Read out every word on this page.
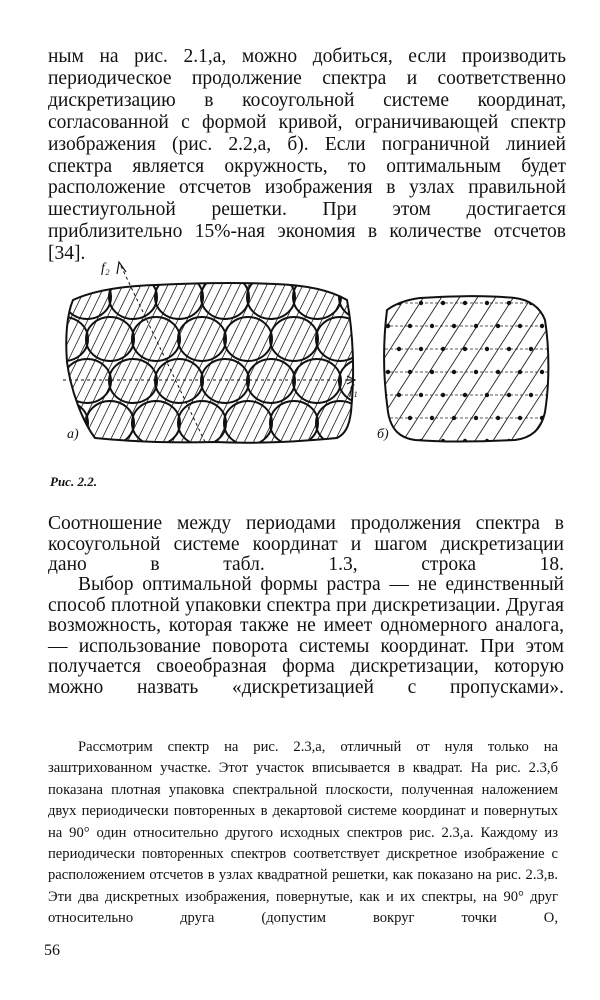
ным на рис. 2.1,а, можно добиться, если производить периодическое продолжение спектра и соответственно дискретизацию в косоугольной системе координат, согласованной с формой кривой, ограничивающей спектр изображения (рис. 2.2,а, б). Если пограничной линией спектра является окружность, то оптимальным будет расположение отсчетов изображения в узлах правильной шестиугольной решетки. При этом достигается приблизительно 15%-ная экономия в количестве отсчетов [34].

f₁
f₂
а)	б)
Рис. 2.2.

Соотношение между периодами продолжения спектра в косоугольной системе координат и шагом дискретизации дано в табл. 1.3, строка 18.

Выбор оптимальной формы растра — не единственный способ плотной упаковки спектра при дискретизации. Другая возможность, которая также не имеет одномерного аналога, — использование поворота системы координат. При этом получается своеобразная форма дискретизации, которую можно назвать «дискретизацией с пропусками».

Рассмотрим спектр на рис. 2.3,а, отличный от нуля только на заштрихованном участке. Этот участок вписывается в квадрат. На рис. 2.3,б показана плотная упаковка спектральной плоскости, полученная наложением двух периодически повторенных в декартовой системе координат и повернутых на 90° один относительно другого исходных спектров рис. 2.3,а. Каждому из периодически повторенных спектров соответствует дискретное изображение с расположением отсчетов в узлах квадратной решетки, как показано на рис. 2.3,в. Эти два дискретных изображения, повернутые, как и их спектры, на 90° друг относительно друга (допустим вокруг точки О,

56
